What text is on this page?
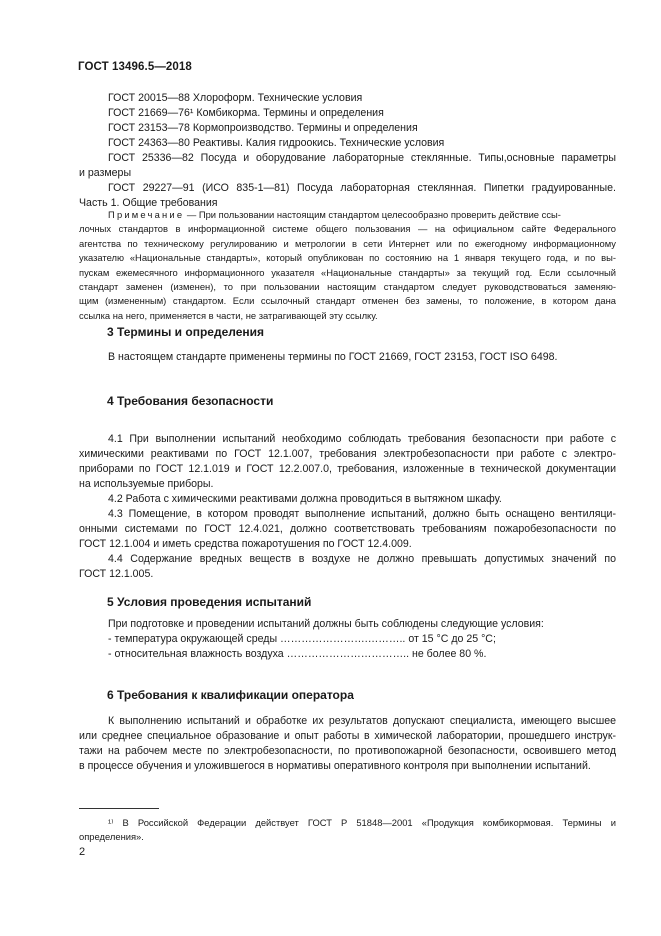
ГОСТ 13496.5—2018
ГОСТ 20015—88 Хлороформ. Технические условия
ГОСТ 21669—76¹ Комбикорма. Термины и определения
ГОСТ 23153—78 Кормопроизводство. Термины и определения
ГОСТ 24363—80 Реактивы. Калия гидроокись. Технические условия
ГОСТ 25336—82 Посуда и оборудование лабораторные стеклянные. Типы,основные параметры
и размеры
ГОСТ 29227—91 (ИСО 835-1—81) Посуда лабораторная стеклянная. Пипетки градуированные.
Часть 1. Общие требования
Примечание — При пользовании настоящим стандартом целесообразно проверить действие ссы-
лочных стандартов в информационной системе общего пользования — на официальном сайте Федерального
агентства по техническому регулированию и метрологии в сети Интернет или по ежегодному информационному
указателю «Национальные стандарты», который опубликован по состоянию на 1 января текущего года, и по вы-
пускам ежемесячного информационного указателя «Национальные стандарты» за текущий год. Если ссылочный
стандарт заменен (изменен), то при пользовании настоящим стандартом следует руководствоваться заменяю-
щим (измененным) стандартом. Если ссылочный стандарт отменен без замены, то положение, в котором дана
ссылка на него, применяется в части, не затрагивающей эту ссылку.
3 Термины и определения
В настоящем стандарте применены термины по ГОСТ 21669, ГОСТ 23153, ГОСТ ISO 6498.
4 Требования безопасности
4.1 При выполнении испытаний необходимо соблюдать требования безопасности при работе с
химическими реактивами по ГОСТ 12.1.007, требования электробезопасности при работе с электро-
приборами по ГОСТ 12.1.019 и ГОСТ 12.2.007.0, требования, изложенные в технической документации
на используемые приборы.
4.2 Работа с химическими реактивами должна проводиться в вытяжном шкафу.
4.3 Помещение, в котором проводят выполнение испытаний, должно быть оснащено вентиляци-
онными системами по ГОСТ 12.4.021, должно соответствовать требованиям пожаробезопасности по
ГОСТ 12.1.004 и иметь средства пожаротушения по ГОСТ 12.4.009.
4.4 Содержание вредных веществ в воздухе не должно превышать допустимых значений по
ГОСТ 12.1.005.
5 Условия проведения испытаний
При подготовке и проведении испытаний должны быть соблюдены следующие условия:
- температура окружающей среды …………………….……….. от 15 °С до 25 °С;
- относительная влажность воздуха …………………………….. не более 80 %.
6 Требования к квалификации оператора
К выполнению испытаний и обработке их результатов допускают специалиста, имеющего высшее
или среднее специальное образование и опыт работы в химической лаборатории, прошедшего инструк-
тажи на рабочем месте по электробезопасности, по противопожарной безопасности, освоившего метод
в процессе обучения и уложившегося в нормативы оперативного контроля при выполнении испытаний.
¹⁾ В Российской Федерации действует ГОСТ Р 51848—2001 «Продукция комбикормовая. Термины и
определения».
2
